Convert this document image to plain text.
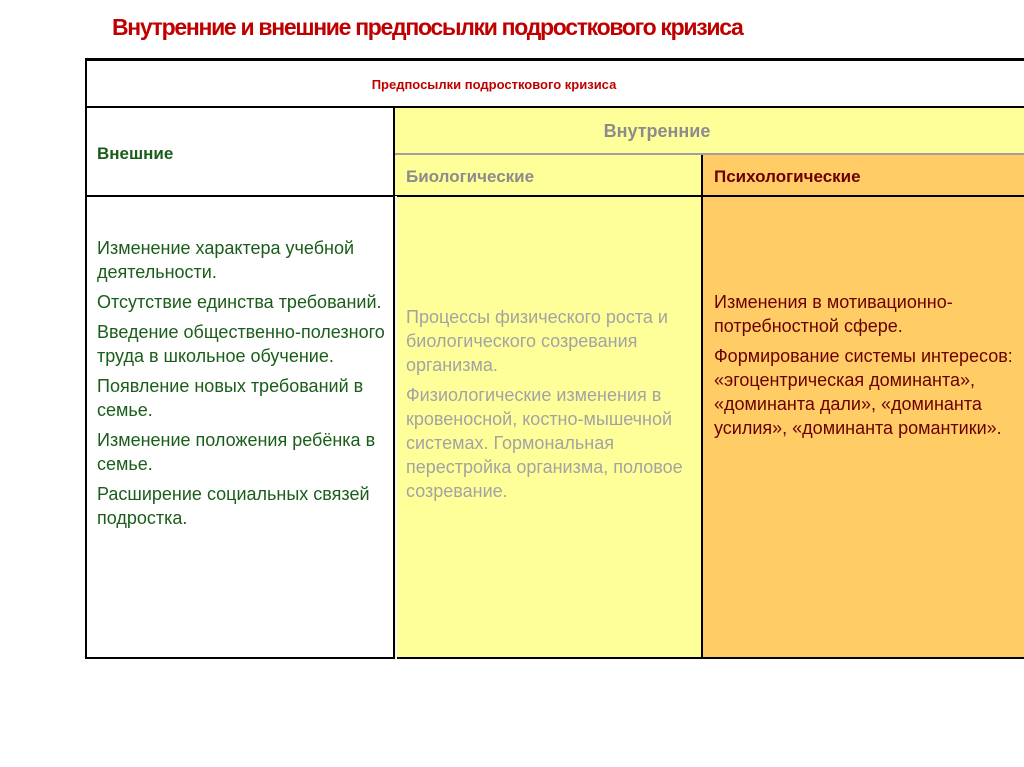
Внутренние и внешние предпосылки подросткового кризиса
Предпосылки подросткового кризиса
Внешние
Внутренние
Биологические	Психологические

Изменение характера учебной деятельности.

Отсутствие единства требований.

Введение общественно-полезного труда в школьное обучение.

Появление новых требований в семье.

Изменение положения ребёнка в семье.

Расширение социальных связей подростка.

Процессы физического роста и биологического созревания организма.

Физиологические изменения в кровеносной, костно-мышечной системах. Гормональная перестройка организма, половое созревание.

Изменения в мотивационно-потребностной сфере.

Формирование системы интересов: «эгоцентрическая доминанта», «доминанта дали», «доминанта усилия», «доминанта романтики».
